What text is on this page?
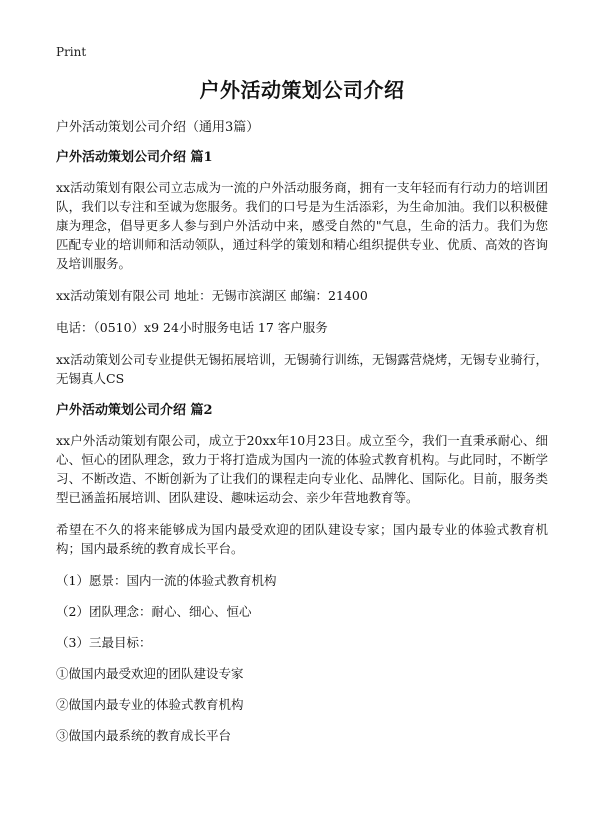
Print
户外活动策划公司介绍
户外活动策划公司介绍（通用3篇）
户外活动策划公司介绍 篇1

xx活动策划有限公司立志成为一流的户外活动服务商，拥有一支年轻而有行动力的培训团队，我们以专注和至诚为您服务。我们的口号是为生活添彩，为生命加油。我们以积极健康为理念，倡导更多人参与到户外活动中来，感受自然的"气息，生命的活力。我们为您匹配专业的培训师和活动领队，通过科学的策划和精心组织提供专业、优质、高效的咨询及培训服务。

xx活动策划有限公司 地址：无锡市滨湖区 邮编：21400

电话：（0510）x9 24小时服务电话 17 客户服务

xx活动策划公司专业提供无锡拓展培训，无锡骑行训练，无锡露营烧烤，无锡专业骑行，无锡真人CS

户外活动策划公司介绍 篇2

xx户外活动策划有限公司，成立于20xx年10月23日。成立至今，我们一直秉承耐心、细心、恒心的团队理念，致力于将打造成为国内一流的体验式教育机构。与此同时，不断学习、不断改造、不断创新为了让我们的课程走向专业化、品牌化、国际化。目前，服务类型已涵盖拓展培训、团队建设、趣味运动会、亲少年营地教育等。

希望在不久的将来能够成为国内最受欢迎的团队建设专家；国内最专业的体验式教育机构；国内最系统的教育成长平台。

（1）愿景：国内一流的体验式教育机构

（2）团队理念：耐心、细心、恒心

（3）三最目标：

①做国内最受欢迎的团队建设专家

②做国内最专业的体验式教育机构

③做国内最系统的教育成长平台
